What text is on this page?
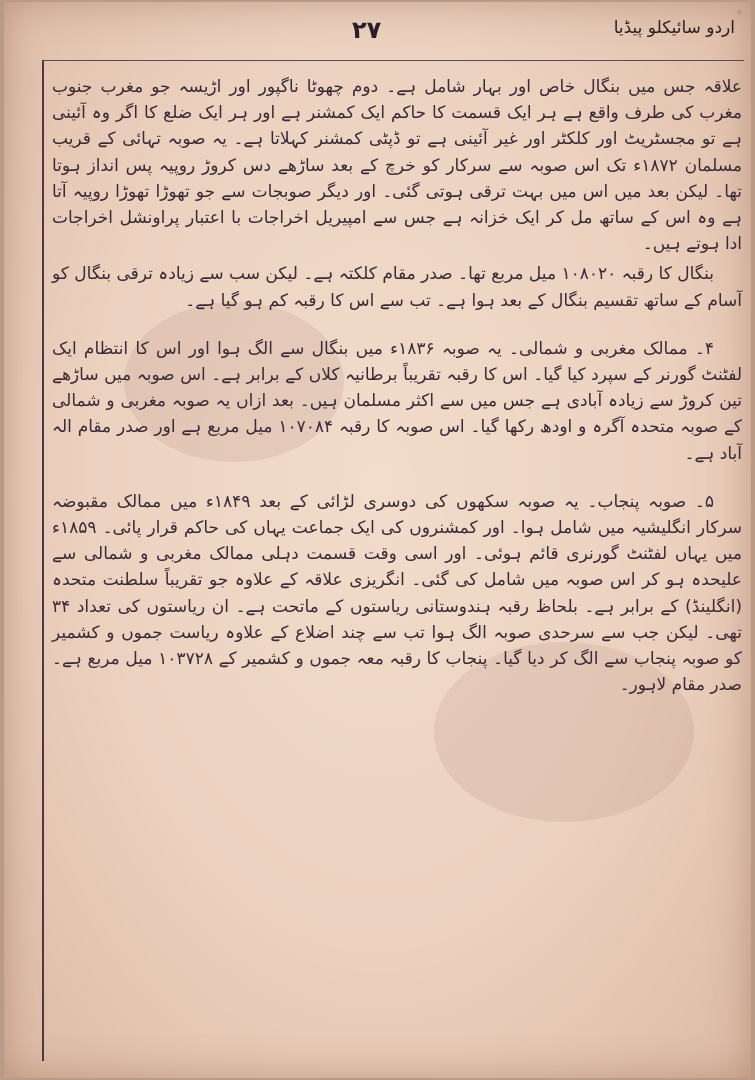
۲۷	اردو سائیکلو پیڈیا
◦

علاقہ جس میں بنگال خاص اور بہار شامل ہے۔ دوم چھوٹا ناگپور اور اڑیسہ جو مغرب جنوب مغرب کی طرف واقع ہے ہر ایک قسمت کا حاکم ایک کمشنر ہے اور ہر ایک ضلع کا اگر وہ آئینی ہے تو مجسٹریٹ اور کلکٹر اور غیر آئینی ہے تو ڈپٹی کمشنر کہلاتا ہے۔ یہ صوبہ تہائی کے قریب مسلمان ۱۸۷۲ء تک اس صوبہ سے سرکار کو خرچ کے بعد ساڑھے دس کروڑ روپیہ پس انداز ہوتا تھا۔ لیکن بعد میں اس میں بہت ترقی ہوتی گئی۔ اور دیگر صوبجات سے جو تھوڑا تھوڑا روپیہ آتا ہے وہ اس کے ساتھ مل کر ایک خزانہ ہے جس سے امپیریل اخراجات با اعتبار پراونشل اخراجات ادا ہوتے ہیں۔

بنگال کا رقبہ ۱۰۸۰۲۰ میل مربع تھا۔ صدر مقام کلکتہ ہے۔ لیکن سب سے زیادہ ترقی بنگال کو آسام کے ساتھ تقسیم بنگال کے بعد ہوا ہے۔ تب سے اس کا رقبہ کم ہو گیا ہے۔

۴۔ ممالک مغربی و شمالی۔ یہ صوبہ ۱۸۳۶ء میں بنگال سے الگ ہوا اور اس کا انتظام ایک لفٹنٹ گورنر کے سپرد کیا گیا۔ اس کا رقبہ تقریباً برطانیہ کلاں کے برابر ہے۔ اس صوبہ میں ساڑھے تین کروڑ سے زیادہ آبادی ہے جس میں سے اکثر مسلمان ہیں۔ بعد ازاں یہ صوبہ مغربی و شمالی کے صوبہ متحدہ آگرہ و اودھ رکھا گیا۔ اس صوبہ کا رقبہ ۱۰۷۰۸۴ میل مربع ہے اور صدر مقام الہ آباد ہے۔

۵۔ صوبہ پنجاب۔ یہ صوبہ سکھوں کی دوسری لڑائی کے بعد ۱۸۴۹ء میں ممالک مقبوضہ سرکار انگلیشیہ میں شامل ہوا۔ اور کمشنروں کی ایک جماعت یہاں کی حاکم قرار پائی۔ ۱۸۵۹ء میں یہاں لفٹنٹ گورنری قائم ہوئی۔ اور اسی وقت قسمت دہلی ممالک مغربی و شمالی سے علیحدہ ہو کر اس صوبہ میں شامل کی گئی۔ انگریزی علاقہ کے علاوہ جو تقریباً سلطنت متحدہ (انگلینڈ) کے برابر ہے۔ بلحاظ رقبہ ہندوستانی ریاستوں کے ماتحت ہے۔ ان ریاستوں کی تعداد ۳۴ تھی۔ لیکن جب سے سرحدی صوبہ الگ ہوا تب سے چند اضلاع کے علاوہ ریاست جموں و کشمیر کو صوبہ پنجاب سے الگ کر دیا گیا۔ پنجاب کا رقبہ معہ جموں و کشمیر کے ۱۰۳۷۲۸ میل مربع ہے۔ صدر مقام لاہور۔
